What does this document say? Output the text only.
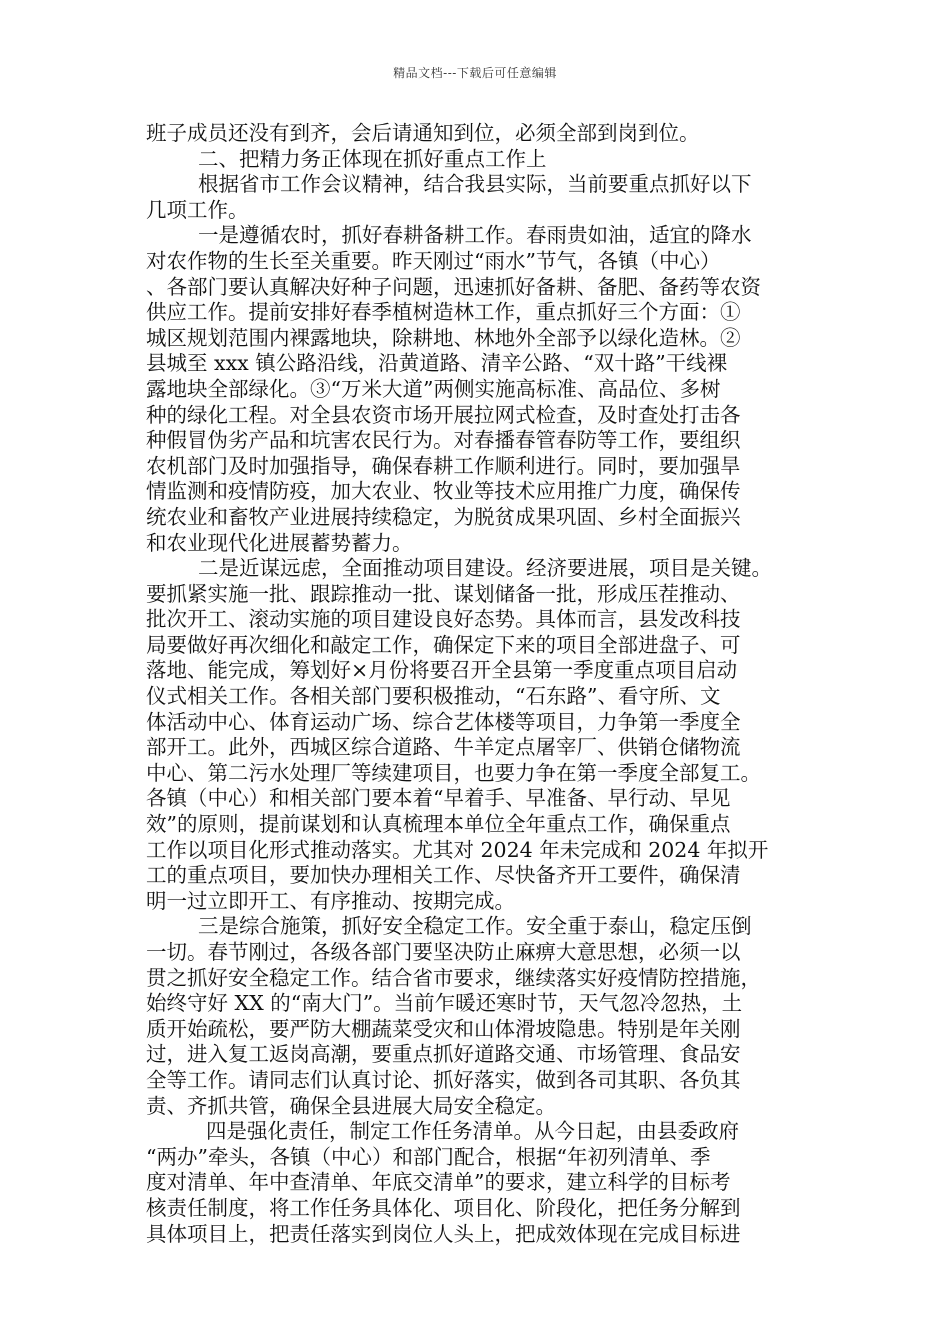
精品文档---下载后可任意编辑
班子成员还没有到齐，会后请通知到位，必须全部到岗到位。
二、把精力务正体现在抓好重点工作上
根据省市工作会议精神，结合我县实际，当前要重点抓好以下
几项工作。
一是遵循农时，抓好春耕备耕工作。春雨贵如油，适宜的降水
对农作物的生长至关重要。昨天刚过“雨水”节气，各镇（中心）
、各部门要认真解决好种子问题，迅速抓好备耕、备肥、备药等农资
供应工作。提前安排好春季植树造林工作，重点抓好三个方面：①
城区规划范围内裸露地块，除耕地、林地外全部予以绿化造林。②
县城至 xxx 镇公路沿线，沿黄道路、清辛公路、“双十路”干线裸
露地块全部绿化。③“万米大道”两侧实施高标准、高品位、多树
种的绿化工程。对全县农资市场开展拉网式检查，及时查处打击各
种假冒伪劣产品和坑害农民行为。对春播春管春防等工作，要组织
农机部门及时加强指导，确保春耕工作顺利进行。同时，要加强旱
情监测和疫情防疫，加大农业、牧业等技术应用推广力度，确保传
统农业和畜牧产业进展持续稳定，为脱贫成果巩固、乡村全面振兴
和农业现代化进展蓄势蓄力。
二是近谋远虑，全面推动项目建设。经济要进展，项目是关键。
要抓紧实施一批、跟踪推动一批、谋划储备一批，形成压茬推动、
批次开工、滚动实施的项目建设良好态势。具体而言，县发改科技
局要做好再次细化和敲定工作，确保定下来的项目全部进盘子、可
落地、能完成，筹划好×月份将要召开全县第一季度重点项目启动
仪式相关工作。各相关部门要积极推动，“石东路”、看守所、文
体活动中心、体育运动广场、综合艺体楼等项目，力争第一季度全
部开工。此外，西城区综合道路、牛羊定点屠宰厂、供销仓储物流
中心、第二污水处理厂等续建项目，也要力争在第一季度全部复工。
各镇（中心）和相关部门要本着“早着手、早准备、早行动、早见
效”的原则，提前谋划和认真梳理本单位全年重点工作，确保重点
工作以项目化形式推动落实。尤其对 2024 年未完成和 2024 年拟开
工的重点项目，要加快办理相关工作、尽快备齐开工要件，确保清
明一过立即开工、有序推动、按期完成。
三是综合施策，抓好安全稳定工作。安全重于泰山，稳定压倒
一切。春节刚过，各级各部门要坚决防止麻痹大意思想，必须一以
贯之抓好安全稳定工作。结合省市要求，继续落实好疫情防控措施，
始终守好 XX 的“南大门”。当前乍暖还寒时节，天气忽冷忽热，土
质开始疏松，要严防大棚蔬菜受灾和山体滑坡隐患。特别是年关刚
过，进入复工返岗高潮，要重点抓好道路交通、市场管理、食品安
全等工作。请同志们认真讨论、抓好落实，做到各司其职、各负其
责、齐抓共管，确保全县进展大局安全稳定。
四是强化责任，制定工作任务清单。从今日起，由县委政府
“两办”牵头，各镇（中心）和部门配合，根据“年初列清单、季
度对清单、年中查清单、年底交清单”的要求，建立科学的目标考
核责任制度，将工作任务具体化、项目化、阶段化，把任务分解到
具体项目上，把责任落实到岗位人头上，把成效体现在完成目标进
